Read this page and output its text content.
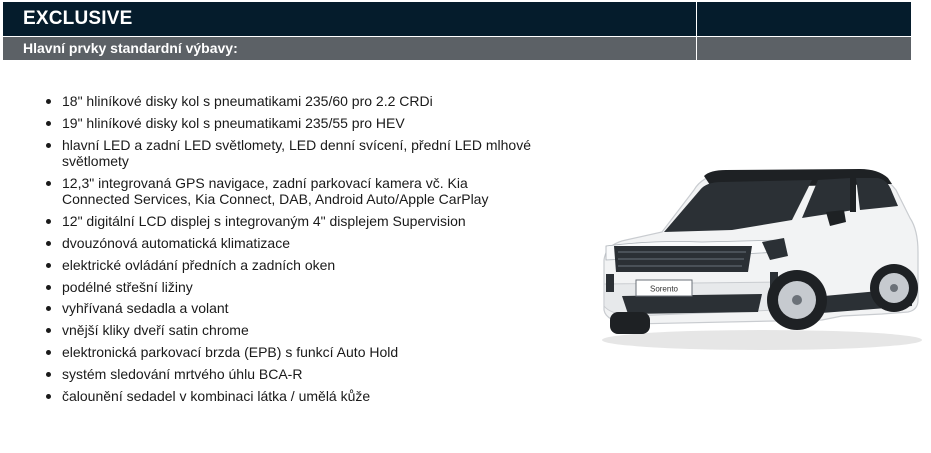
EXCLUSIVE
Hlavní prvky standardní výbavy:
18" hliníkové disky kol s pneumatikami 235/60 pro 2.2 CRDi
19" hliníkové disky kol s pneumatikami 235/55 pro HEV
hlavní LED a zadní LED světlomety, LED denní svícení, přední LED mlhové světlomety
12,3" integrovaná GPS navigace, zadní parkovací kamera vč. Kia Connected Services, Kia Connect, DAB, Android Auto/Apple CarPlay
12" digitální LCD displej s integrovaným 4" displejem Supervision
dvouzónová automatická klimatizace
elektrické ovládání předních a zadních oken
podélné střešní ližiny
vyhřívaná sedadla a volant
vnější kliky dveří satin chrome
elektronická parkovací brzda (EPB) s funkcí Auto Hold
systém sledování mrtvého úhlu BCA-R
čalounění sedadel v kombinaci látka / umělá kůže
Sorento
